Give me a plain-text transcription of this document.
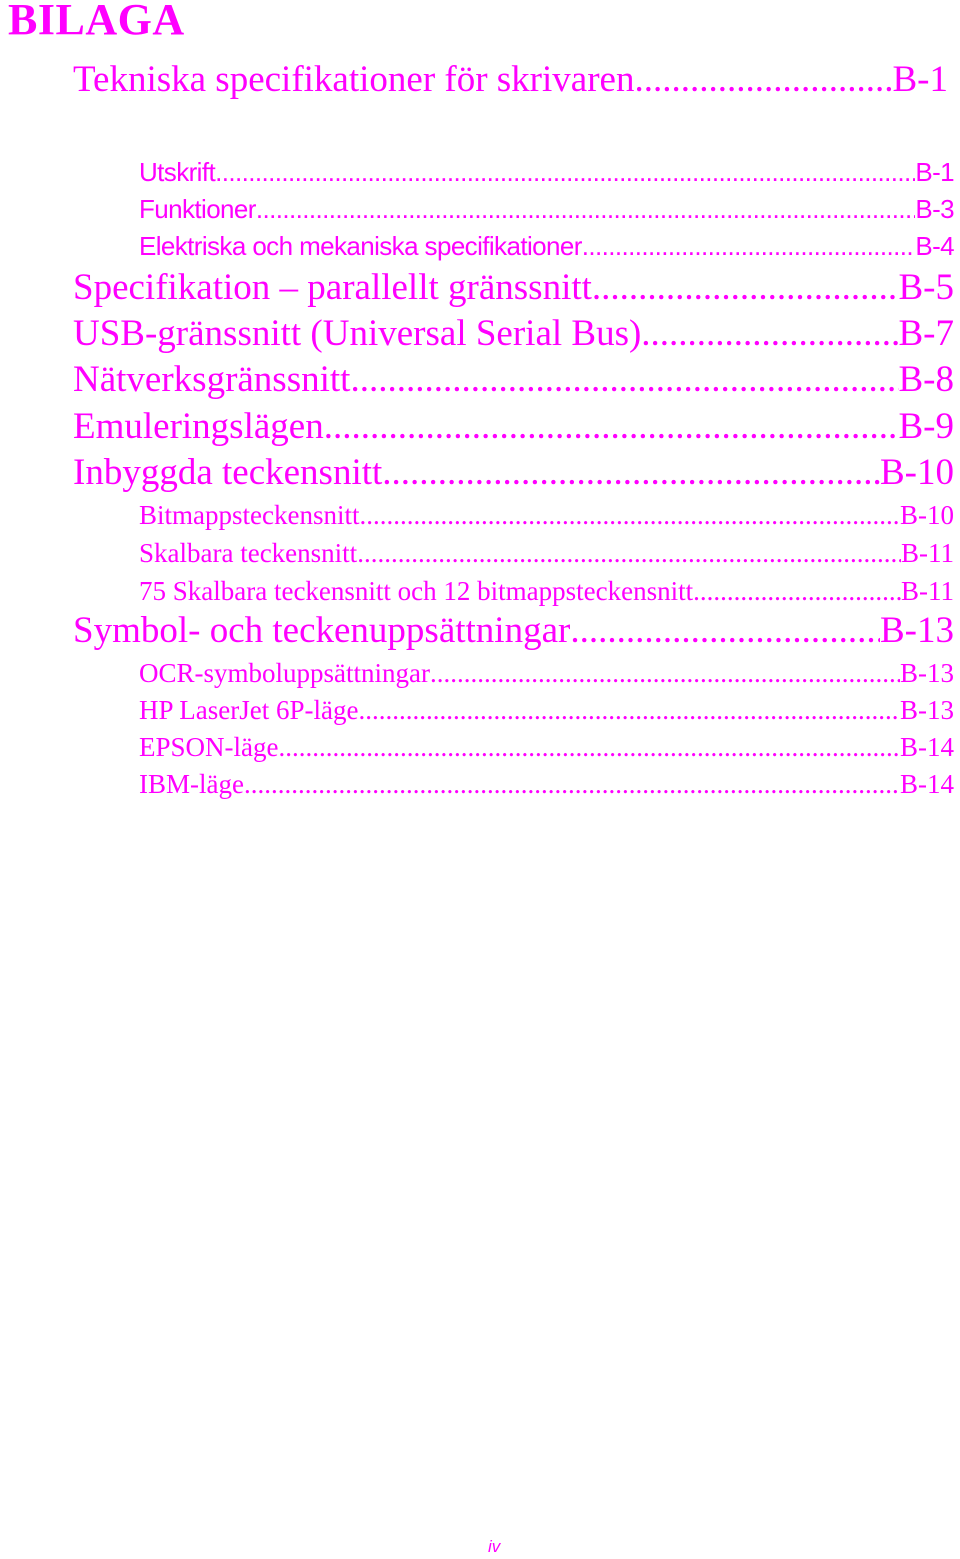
BILAGA
Tekniska specifikationer för skrivaren .....	B-1
Utskrift .....	B-1
Funktioner .....	B-3
Elektriska och mekaniska specifikationer .....	B-4
Specifikation – parallellt gränssnitt .....	B-5
USB-gränssnitt (Universal Serial Bus) .....	B-7
Nätverksgränssnitt .....	B-8
Emuleringslägen .....	B-9
Inbyggda teckensnitt .....	B-10
Bitmappsteckensnitt .....	B-10
Skalbara teckensnitt .....	B-11
75 Skalbara teckensnitt och 12 bitmappsteckensnitt .....	B-11
Symbol- och teckenuppsättningar .....	B-13
OCR-symboluppsättningar .....	B-13
HP LaserJet 6P-läge .....	B-13
EPSON-läge .....	B-14
IBM-läge .....	B-14
iv
